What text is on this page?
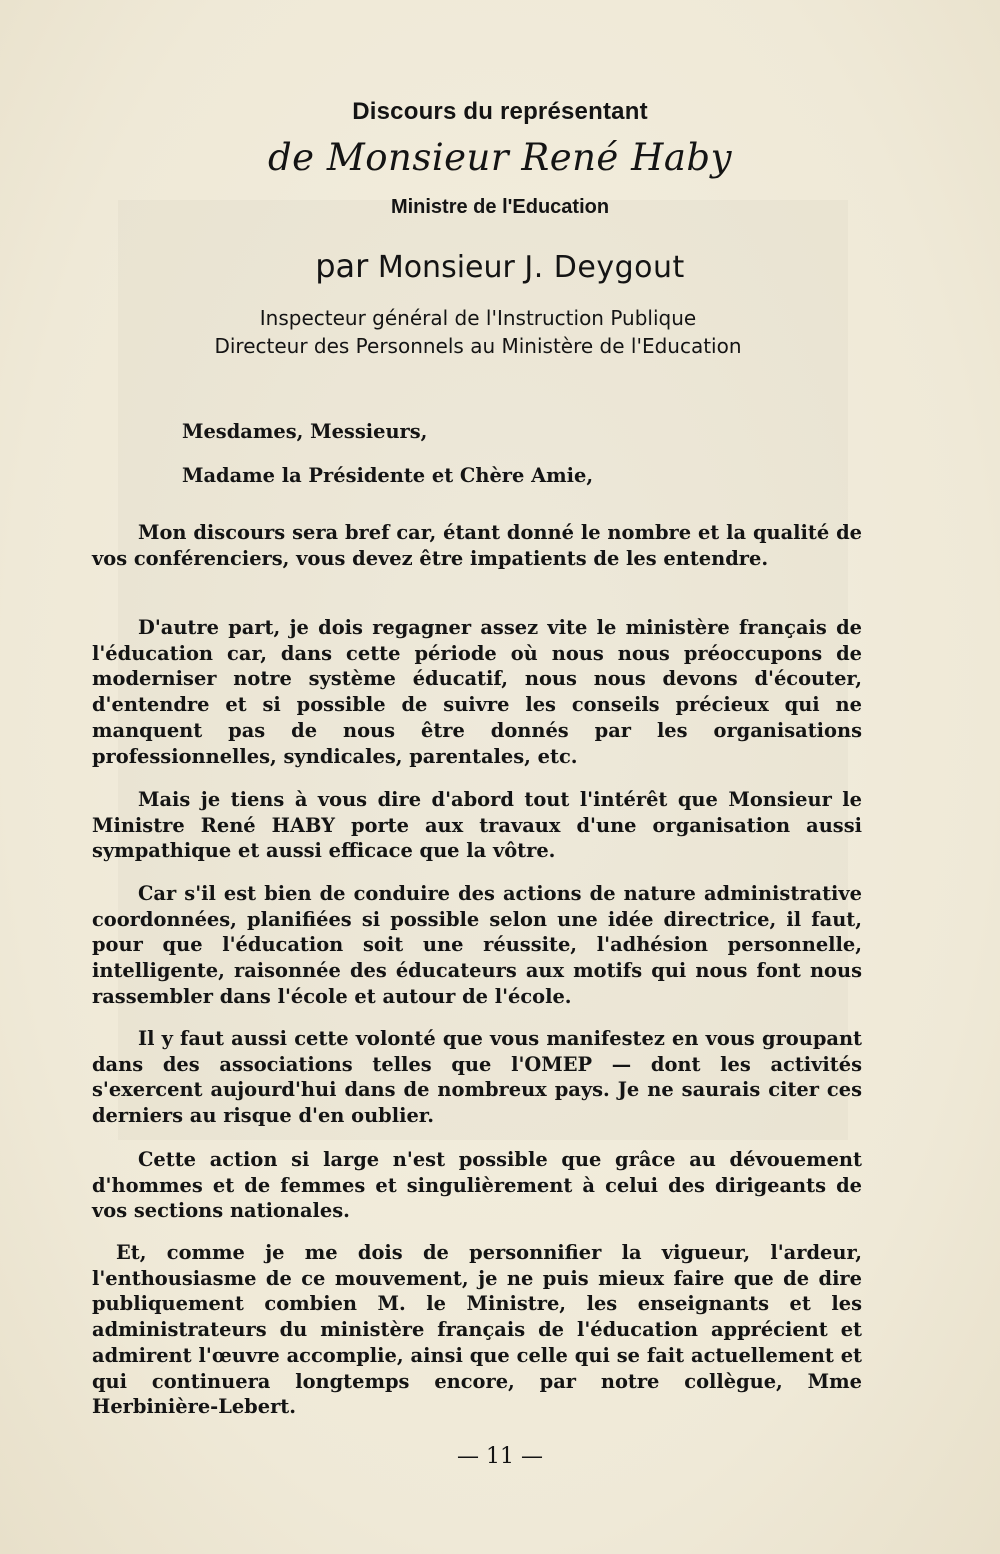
Discours du représentant
de Monsieur René Haby
Ministre de l'Education
par Monsieur J. Deygout
Inspecteur général de l'Instruction Publique
Directeur des Personnels au Ministère de l'Education
Mesdames, Messieurs,
Madame la Présidente et Chère Amie,

Mon discours sera bref car, étant donné le nombre et la qualité de vos conférenciers, vous devez être impatients de les entendre.

D'autre part, je dois regagner assez vite le ministère français de l'éducation car, dans cette période où nous nous préoccupons de moderniser notre système éducatif, nous nous devons d'écouter, d'entendre et si possible de suivre les conseils précieux qui ne manquent pas de nous être donnés par les organisations professionnelles, syndicales, parentales, etc.

Mais je tiens à vous dire d'abord tout l'intérêt que Monsieur le Ministre René HABY porte aux travaux d'une organisation aussi sympathique et aussi efficace que la vôtre.

Car s'il est bien de conduire des actions de nature administrative coordonnées, planifiées si possible selon une idée directrice, il faut, pour que l'éducation soit une réussite, l'adhésion personnelle, intelligente, raisonnée des éducateurs aux motifs qui nous font nous rassembler dans l'école et autour de l'école.

Il y faut aussi cette volonté que vous manifestez en vous groupant dans des associations telles que l'OMEP — dont les activités s'exercent aujourd'hui dans de nombreux pays. Je ne saurais citer ces derniers au risque d'en oublier.

Cette action si large n'est possible que grâce au dévouement d'hommes et de femmes et singulièrement à celui des dirigeants de vos sections nationales.

Et, comme je me dois de personnifier la vigueur, l'ardeur, l'enthousiasme de ce mouvement, je ne puis mieux faire que de dire publiquement combien M. le Ministre, les enseignants et les administrateurs du ministère français de l'éducation apprécient et admirent l'œuvre accomplie, ainsi que celle qui se fait actuellement et qui continuera longtemps encore, par notre collègue, Mme Herbinière-Lebert.

— 11 —
